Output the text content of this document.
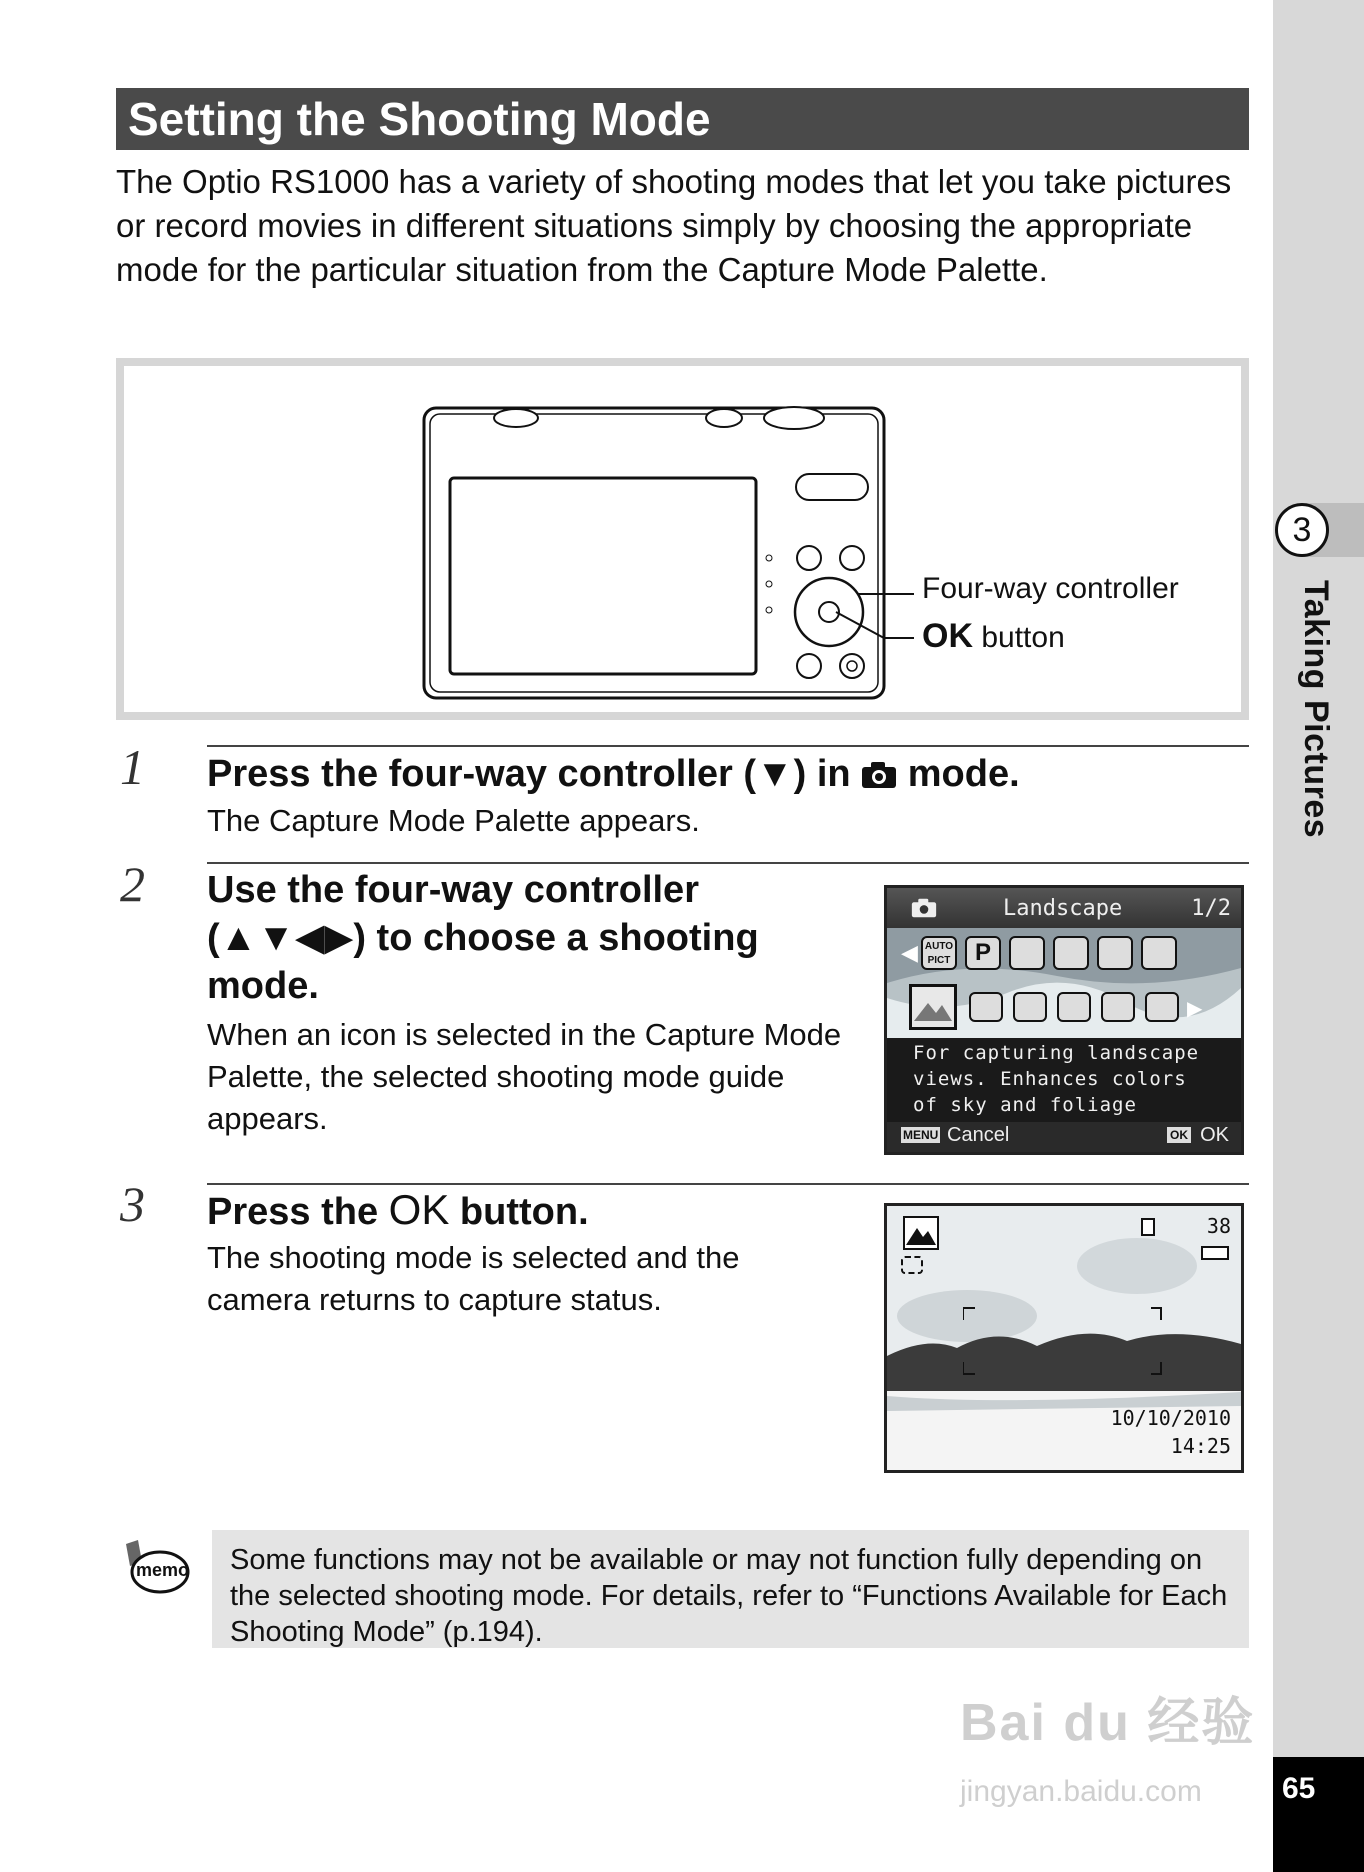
3
Taking Pictures
65
Setting the Shooting Mode
The Optio RS1000 has a variety of shooting modes that let you take pictures or record movies in different situations simply by choosing the appropriate mode for the particular situation from the Capture Mode Palette.
Four-way controller
OK button
1 Press the four-way controller (▼) in mode.
The Capture Mode Palette appears.
2 Use the four-way controller
(▲▼◀▶) to choose a shooting
mode.
When an icon is selected in the Capture Mode Palette, the selected shooting mode guide appears.
Landscape	1/2
◀ AUTO PICT	P
▶
For capturing landscape
views. Enhances colors
of sky and foliage
MENU Cancel	OK OK
3 Press the OK button.
The shooting mode is selected and the camera returns to capture status.
38
10/10/2010
14:25
memo	Some functions may not be available or may not function fully depending on the selected shooting mode. For details, refer to “Functions Available for Each Shooting Mode” (p.194).
Bai du 经验
jingyan.baidu.com
